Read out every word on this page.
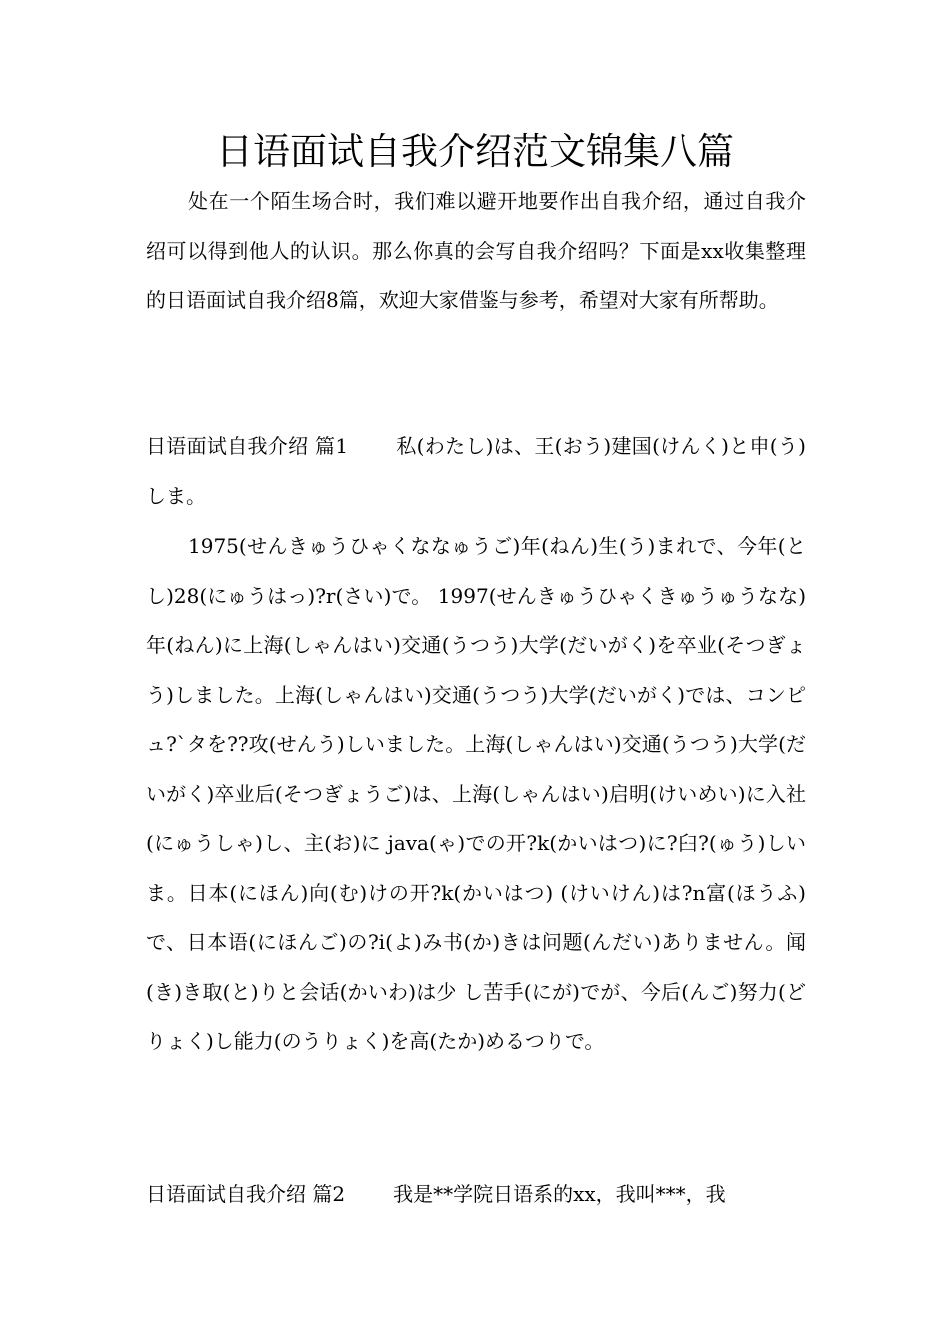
日语面试自我介绍范文锦集八篇

处在一个陌生场合时，我们难以避开地要作出自我介绍，通过自我介绍可以得到他人的认识。那么你真的会写自我介绍吗？下面是xx收集整理的日语面试自我介绍8篇，欢迎大家借鉴与参考，希望对大家有所帮助。

日语面试自我介绍 篇1 私(わたし)は、王(おう)建国(けんく)と申(う)しま。

1975(せんきゅうひゃくななゅうご)年(ねん)生(う)まれで、今年(とし)28(にゅうはっ)?r(さい)で。 1997(せんきゅうひゃくきゅうゅうなな)年(ねん)に上海(しゃんはい)交通(うつう)大学(だいがく)を卒业(そつぎょう)しました。上海(しゃんはい)交通(うつう)大学(だいがく)では、コンピュ?`タを??攻(せんう)しいました。上海(しゃんはい)交通(うつう)大学(だいがく)卒业后(そつぎょうご)は、上海(しゃんはい)启明(けいめい)に入社(にゅうしゃ)し、主(お)に java(ゃ)での开?k(かいはつ)に?臼?(ゅう)しいま。日本(にほん)向(む)けの开?k(かいはつ) (けいけん)は?n富(ほうふ)で、日本语(にほんご)の?i(よ)み书(か)きは问题(んだい)ありません。闻(き)き取(と)りと会话(かいわ)は少 し苦手(にが)でが、今后(んご)努力(どりょく)し能力(のうりょく)を高(たか)めるつりで。

日语面试自我介绍 篇2 我是**学院日语系的xx，我叫***，我
